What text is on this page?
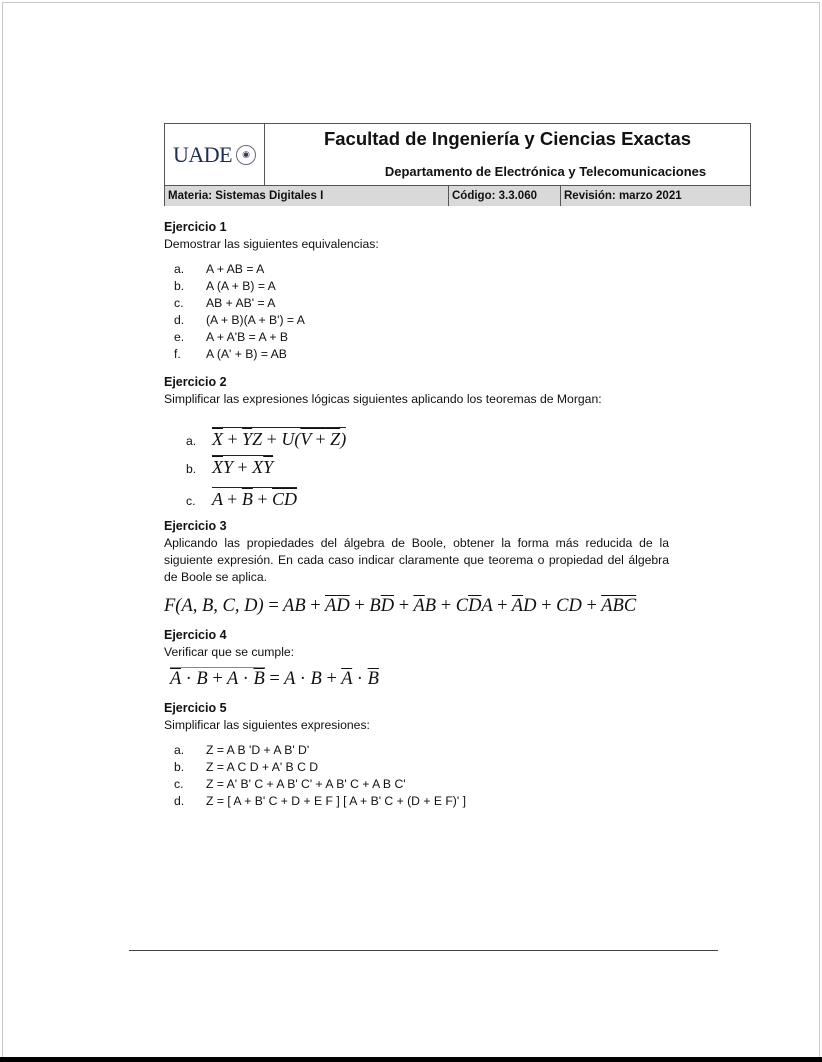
UADE	◉
Facultad de Ingeniería y Ciencias Exactas
Departamento de Electrónica y Telecomunicaciones
Materia: Sistemas Digitales I	Código: 3.3.060	Revisión: marzo 2021
Ejercicio 1
Demostrar las siguientes equivalencias:
a.	A + AB = A
b.	A (A + B) = A
c.	AB + AB' = A
d.	(A + B)(A + B') = A
e.	A + A'B = A + B
f.	A (A' + B) = AB
Ejercicio 2
Simplificar las expresiones lógicas siguientes aplicando los teoremas de Morgan:
a. $\overline{X} + \overline{Y}Z + U(V + Z)$
b. $\overline{X}Y + X\overline{Y}$
c. $A + \overline{B} + \overline{CD}$
Ejercicio 3
Aplicando las propiedades del álgebra de Boole, obtener la forma más reducida de la siguiente expresión. En cada caso indicar claramente que teorema o propiedad del álgebra de Boole se aplica.
F(A, B, C, D) = AB + $\overline{A}\overline{D} + B\overline{D} + \overline{A}B + C\overline{D}A + \overline{A}D$ + CD + $\overline{A}\overline{B}\overline{C}$
Ejercicio 4
Verificar que se cumple:
$\overline{A} \cdot B + A \cdot \overline{B} = A \cdot B + \overline{A} \cdot \overline{B}$
Ejercicio 5
Simplificar las siguientes expresiones:
a.	Z = A B 'D + A B' D'
b.	Z = A C D + A' B C D
c.	Z = A' B' C + A B' C' + A B' C + A B C'
d.	Z = [ A + B' C + D + E F ] [ A + B' C + (D + E F)' ]
